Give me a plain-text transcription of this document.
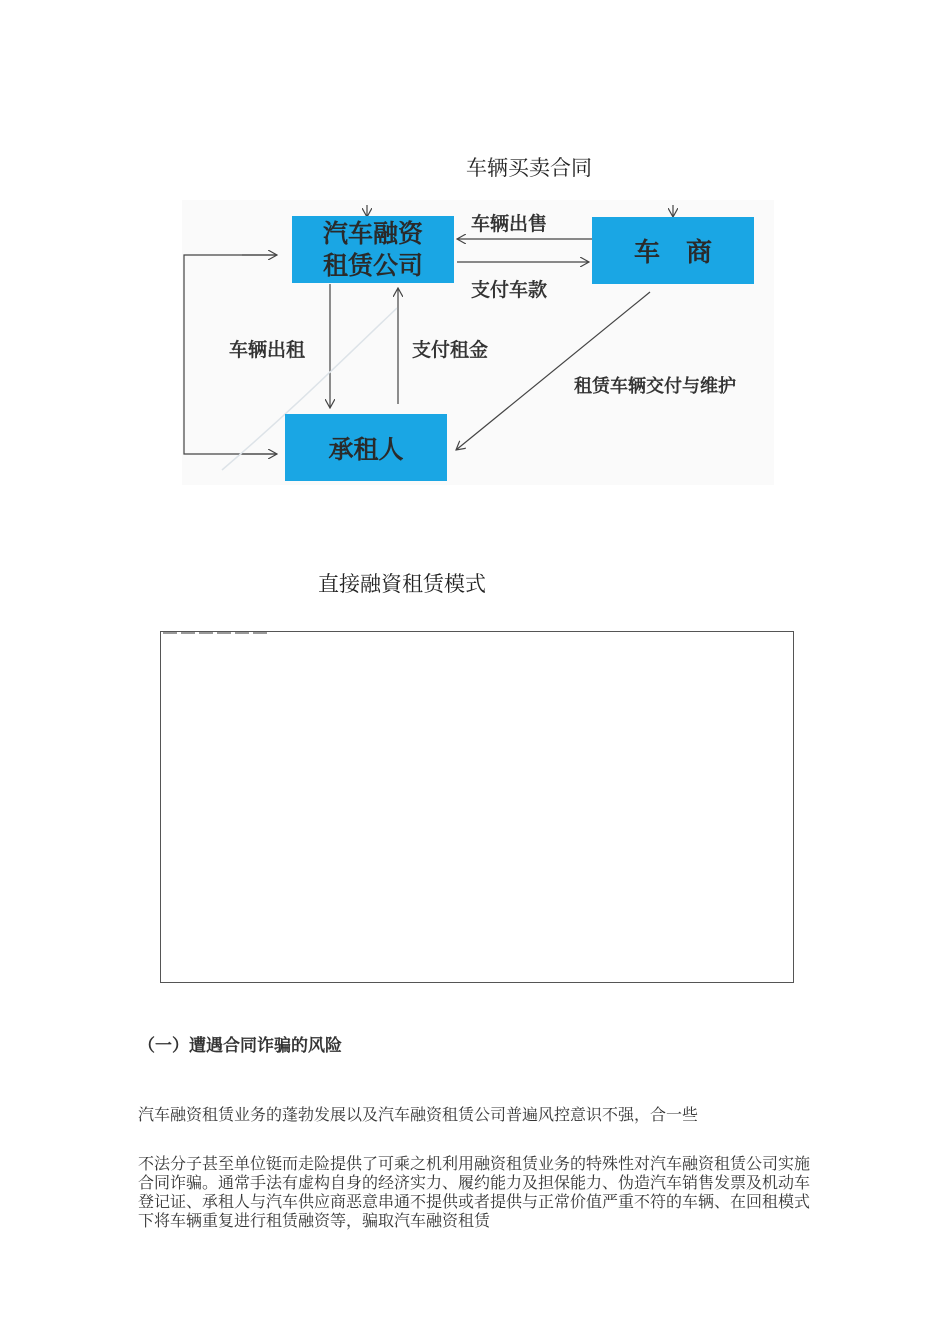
车辆买卖合同
汽车融资
租赁公司	车　商
承租人
车辆出售
支付车款
车辆出租	支付租金
租赁车辆交付与维护
直接融資租赁模式
（一）遭遇合同诈骗的风险
汽车融资租赁业务的蓬勃发展以及汽车融资租赁公司普遍风控意识不强，合一些
不法分子甚至单位铤而走险提供了可乘之机利用融资租赁业务的特殊性对汽车融资租赁公司实施合同诈骗。通常手法有虚构自身的经济实力、履约能力及担保能力、伪造汽车销售发票及机动车登记证、承租人与汽车供应商恶意串通不提供或者提供与正常价值严重不符的车辆、在回租模式下将车辆重复进行租赁融资等，骗取汽车融资租赁
